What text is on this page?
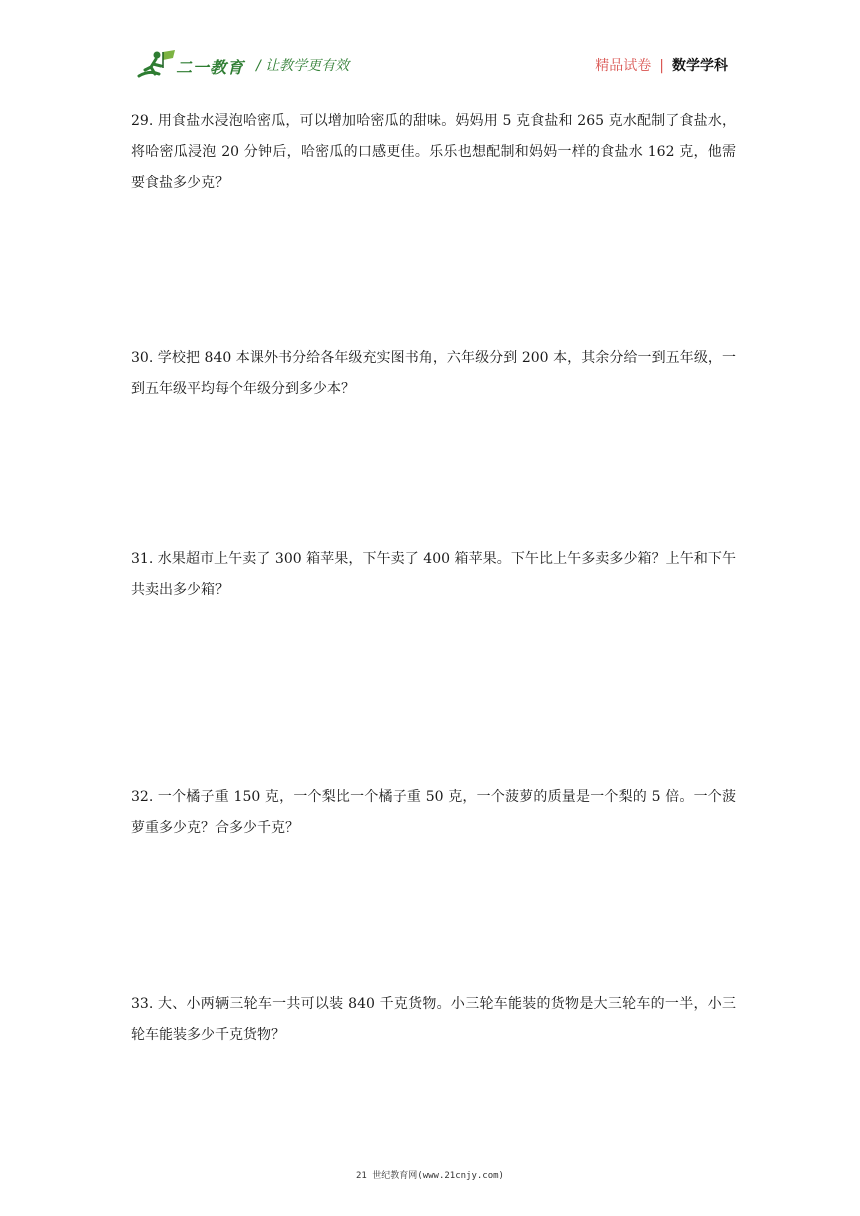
二一教育 / 让教学更有效	精品试卷 | 数学学科
29. 用食盐水浸泡哈密瓜，可以增加哈密瓜的甜味。妈妈用 5 克食盐和 265 克水配制了食盐水，将哈密瓜浸泡 20 分钟后，哈密瓜的口感更佳。乐乐也想配制和妈妈一样的食盐水 162 克，他需要食盐多少克？
30. 学校把 840 本课外书分给各年级充实图书角，六年级分到 200 本，其余分给一到五年级，一到五年级平均每个年级分到多少本？
31. 水果超市上午卖了 300 箱苹果，下午卖了 400 箱苹果。下午比上午多卖多少箱？上午和下午共卖出多少箱？
32. 一个橘子重 150 克，一个梨比一个橘子重 50 克，一个菠萝的质量是一个梨的 5 倍。一个菠萝重多少克？合多少千克？
33. 大、小两辆三轮车一共可以装 840 千克货物。小三轮车能装的货物是大三轮车的一半，小三轮车能装多少千克货物？
21 世纪教育网(www.21cnjy.com)
